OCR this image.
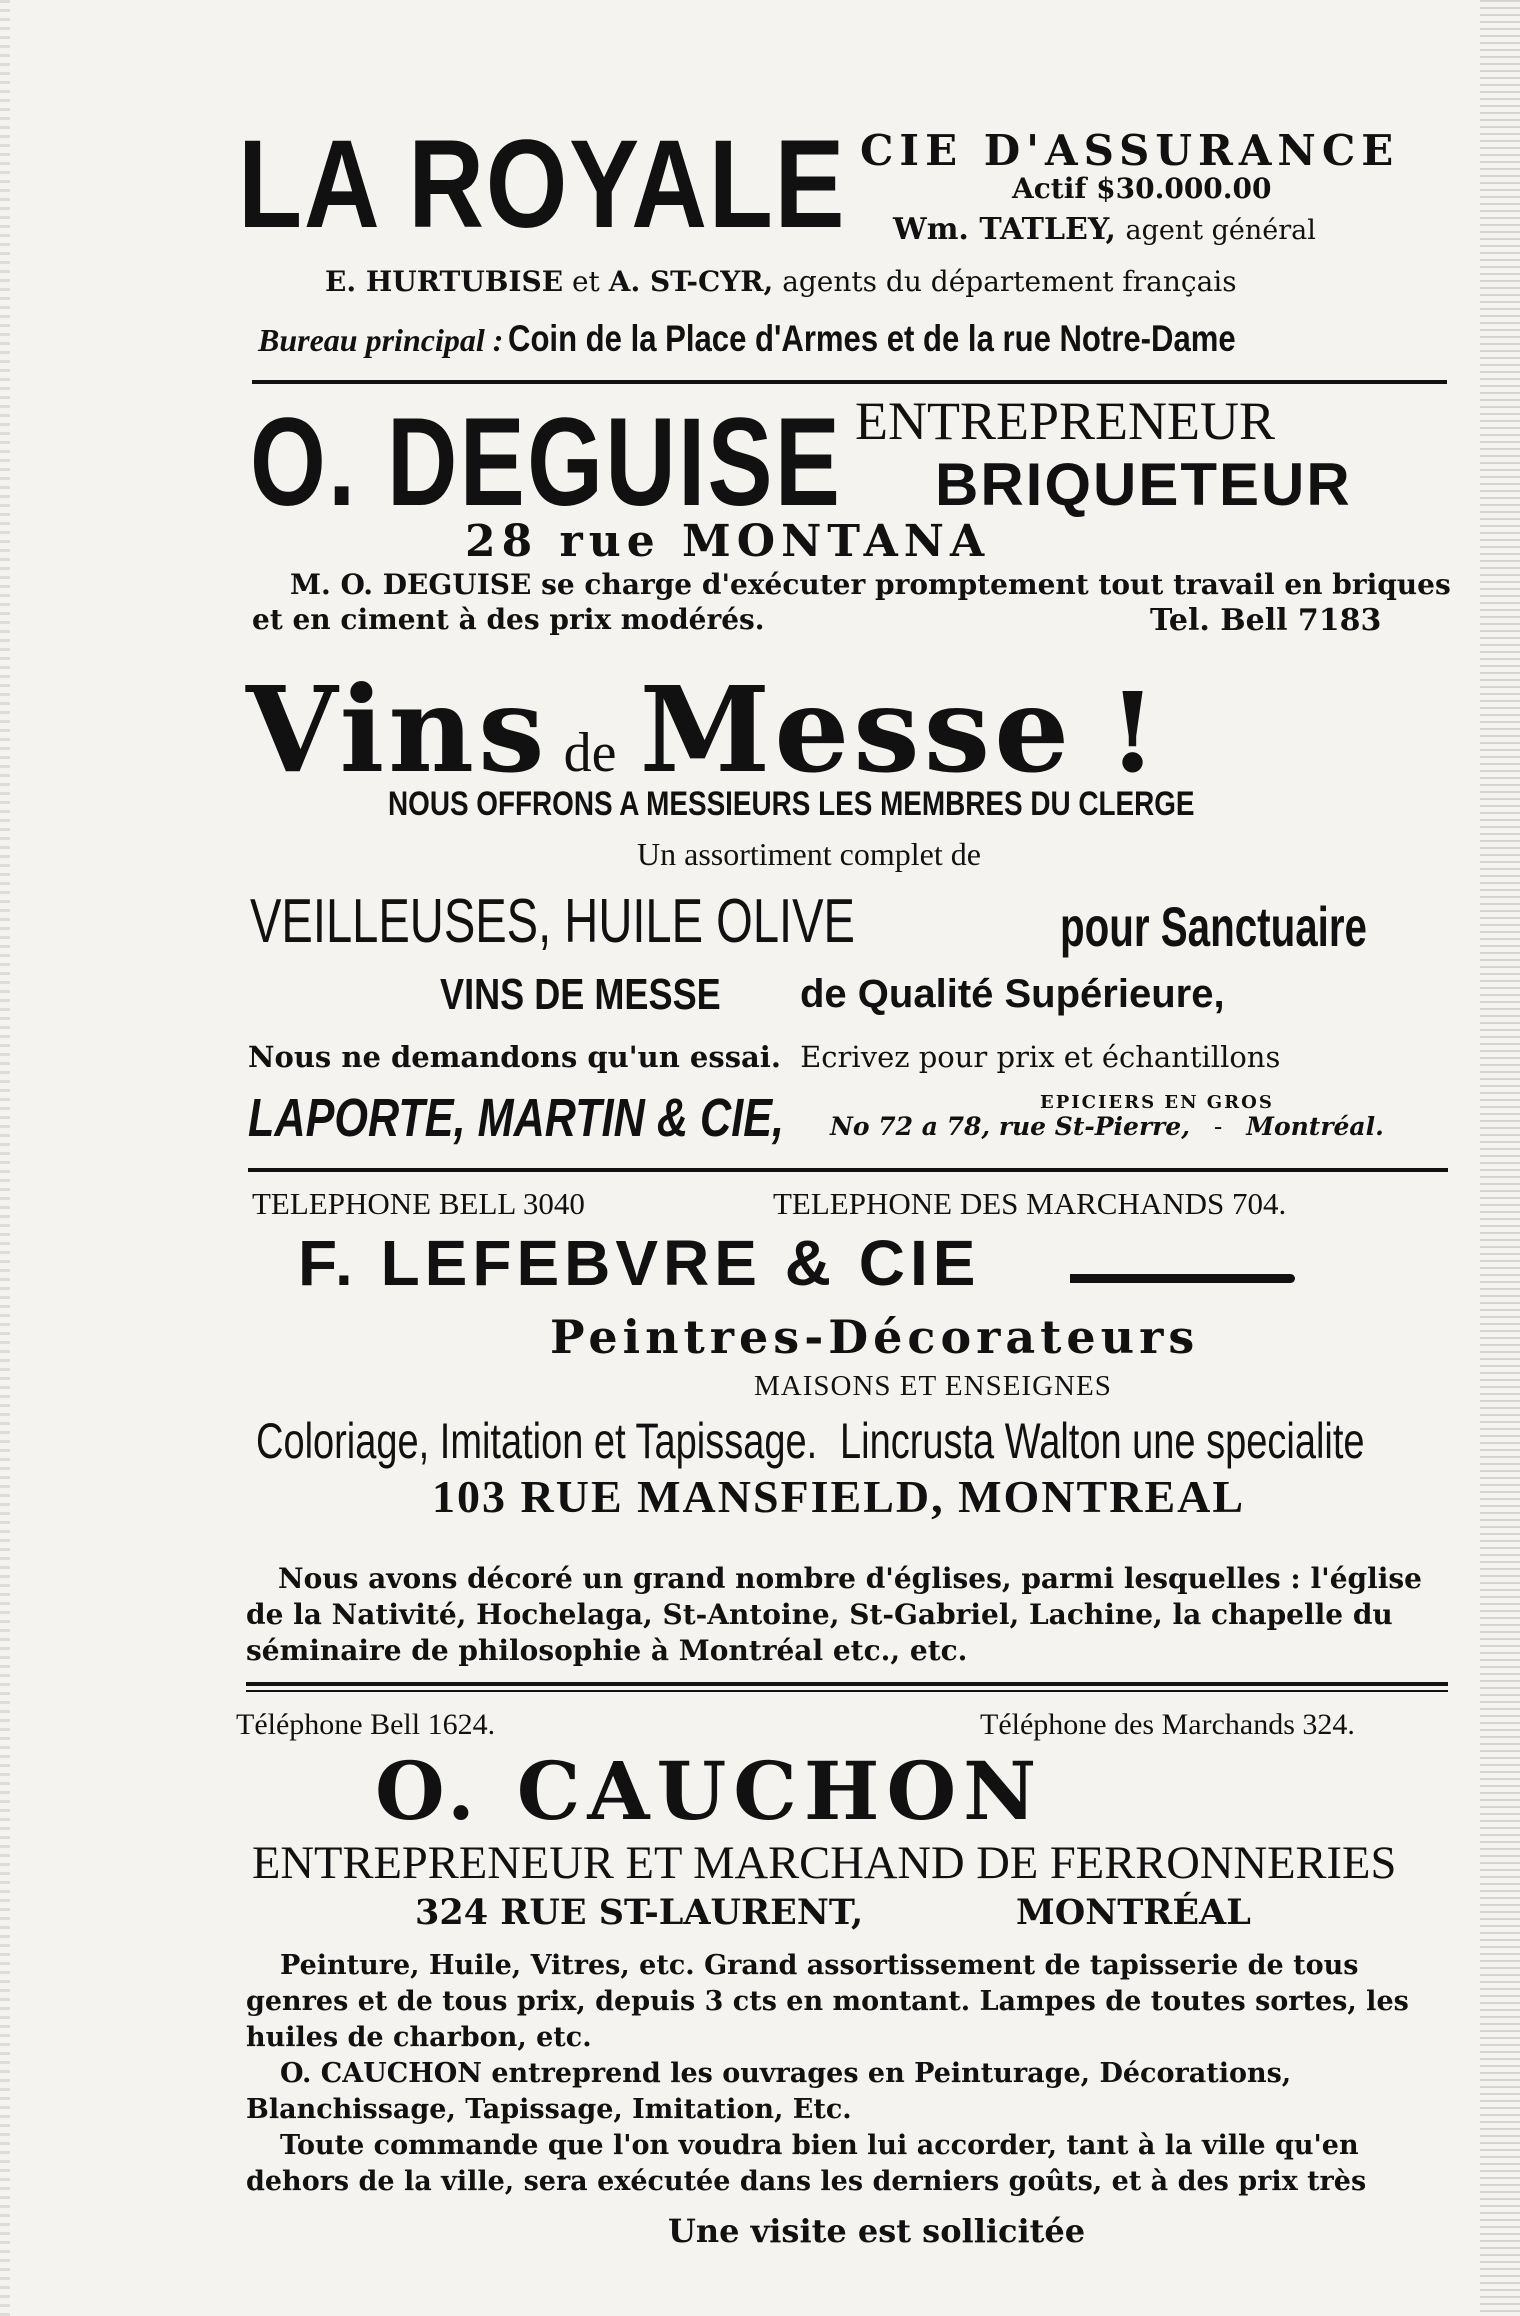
LA ROYALE CIE D'ASSURANCE
Actif $30.000.00
Wm. TATLEY, agent général
E. HURTUBISE et A. ST-CYR, agents du département français
Bureau principal : Coin de la Place d'Armes et de la rue Notre-Dame
O. DEGUISE ENTREPRENEUR
BRIQUETEUR
28 rue MONTANA
M. O. DEGUISE se charge d'exécuter promptement tout travail en briques
et en ciment à des prix modérés.	Tel. Bell 7183
Vins de Messe !
NOUS OFFRONS A MESSIEURS LES MEMBRES DU CLERGE
Un assortiment complet de
VEILLEUSES, HUILE OLIVE	pour Sanctuaire
VINS DE MESSE	de Qualité Supérieure,
Nous ne demandons qu'un essai. Ecrivez pour prix et échantillons
LAPORTE, MARTIN & CIE,	EPICIERS EN GROS
No 72 a 78, rue St-Pierre, - Montréal.
TELEPHONE BELL 3040	TELEPHONE DES MARCHANDS 704.
F. LEFEBVRE & CIE
Peintres-Décorateurs
MAISONS ET ENSEIGNES
Coloriage, Imitation et Tapissage. Lincrusta Walton une specialite
103 RUE MANSFIELD, MONTREAL
Nous avons décoré un grand nombre d'églises, parmi lesquelles : l'église
de la Nativité, Hochelaga, St-Antoine, St-Gabriel, Lachine, la chapelle du
séminaire de philosophie à Montréal etc., etc.
Téléphone Bell 1624.	Téléphone des Marchands 324.
O. CAUCHON
ENTREPRENEUR ET MARCHAND DE FERRONNERIES
324 RUE ST-LAURENT,	MONTRÉAL
Peinture, Huile, Vitres, etc. Grand assortissement de tapisserie de tous
genres et de tous prix, depuis 3 cts en montant. Lampes de toutes sortes, les
huiles de charbon, etc.
O. CAUCHON entreprend les ouvrages en Peinturage, Décorations,
Blanchissage, Tapissage, Imitation, Etc.
Toute commande que l'on voudra bien lui accorder, tant à la ville qu'en
dehors de la ville, sera exécutée dans les derniers goûts, et à des prix très
Une visite est sollicitée
